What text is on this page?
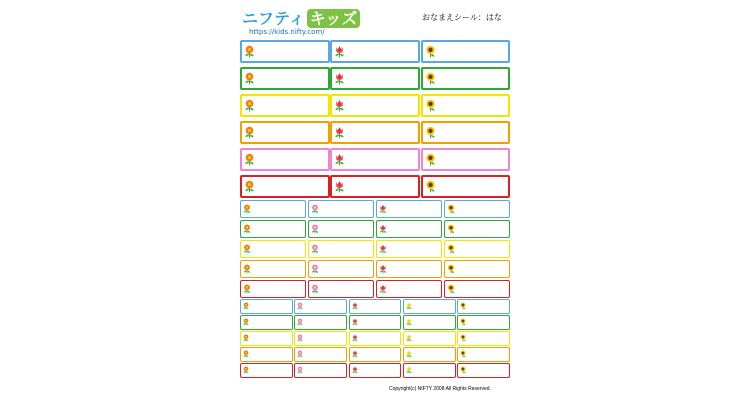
ニフティ キッズ
https://kids.nifty.com/
おなまえシール：はな
Copyright(c) NIFTY 2008 All Rights Reserved.
